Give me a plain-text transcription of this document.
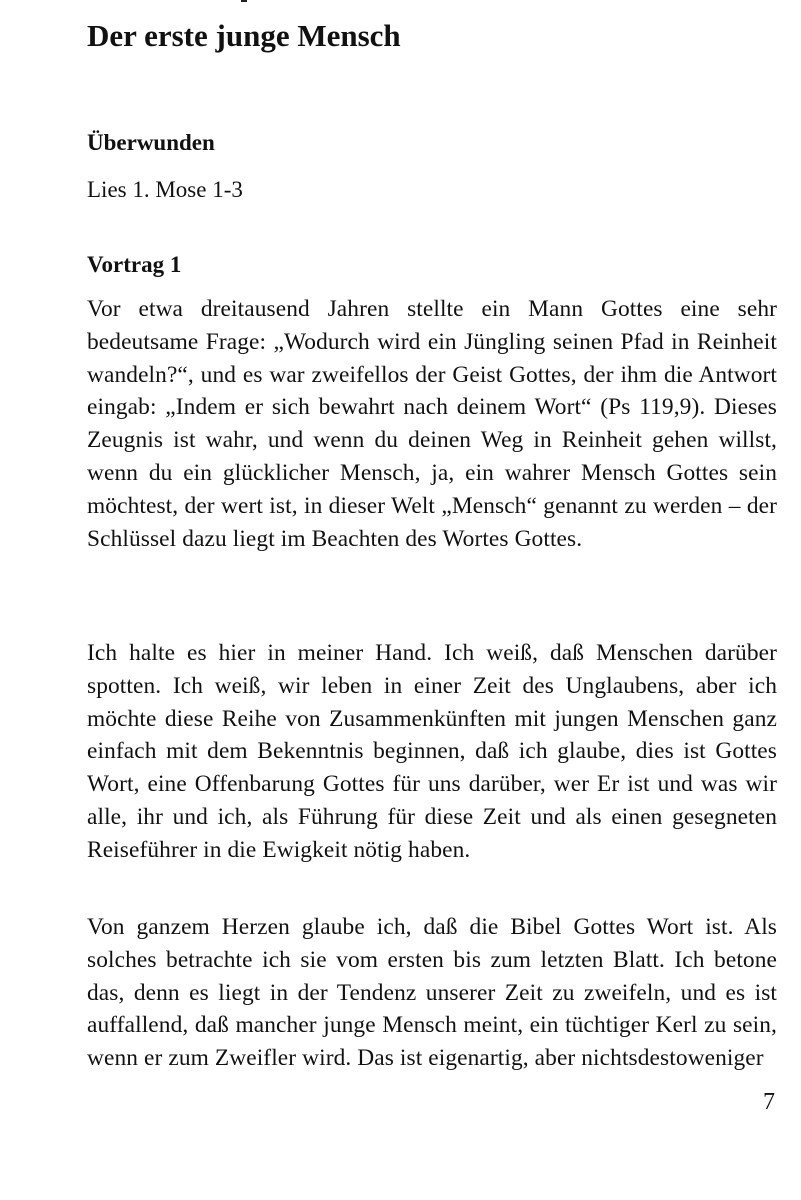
Der erste junge Mensch
Überwunden

Lies 1. Mose 1-3

Vortrag 1

Vor etwa dreitausend Jahren stellte ein Mann Gottes eine sehr bedeutsame Frage: „Wodurch wird ein Jüngling seinen Pfad in Reinheit wandeln?“, und es war zweifellos der Geist Gottes, der ihm die Antwort eingab: „Indem er sich bewahrt nach deinem Wort“ (Ps 119,9). Dieses Zeugnis ist wahr, und wenn du deinen Weg in Reinheit gehen willst, wenn du ein glücklicher Mensch, ja, ein wahrer Mensch Gottes sein möchtest, der wert ist, in dieser Welt „Mensch“ genannt zu werden – der Schlüssel dazu liegt im Beachten des Wortes Gottes.

Ich halte es hier in meiner Hand. Ich weiß, daß Menschen darüber spotten. Ich weiß, wir leben in einer Zeit des Unglaubens, aber ich möchte diese Reihe von Zusammenkünften mit jungen Menschen ganz einfach mit dem Bekenntnis beginnen, daß ich glaube, dies ist Gottes Wort, eine Offenbarung Gottes für uns darüber, wer Er ist und was wir alle, ihr und ich, als Führung für diese Zeit und als einen gesegneten Reiseführer in die Ewigkeit nötig haben.

Von ganzem Herzen glaube ich, daß die Bibel Gottes Wort ist. Als solches betrachte ich sie vom ersten bis zum letzten Blatt. Ich betone das, denn es liegt in der Tendenz unserer Zeit zu zweifeln, und es ist auffallend, daß mancher junge Mensch meint, ein tüchtiger Kerl zu sein, wenn er zum Zweifler wird. Das ist eigenartig, aber nichtsdestoweniger

7
